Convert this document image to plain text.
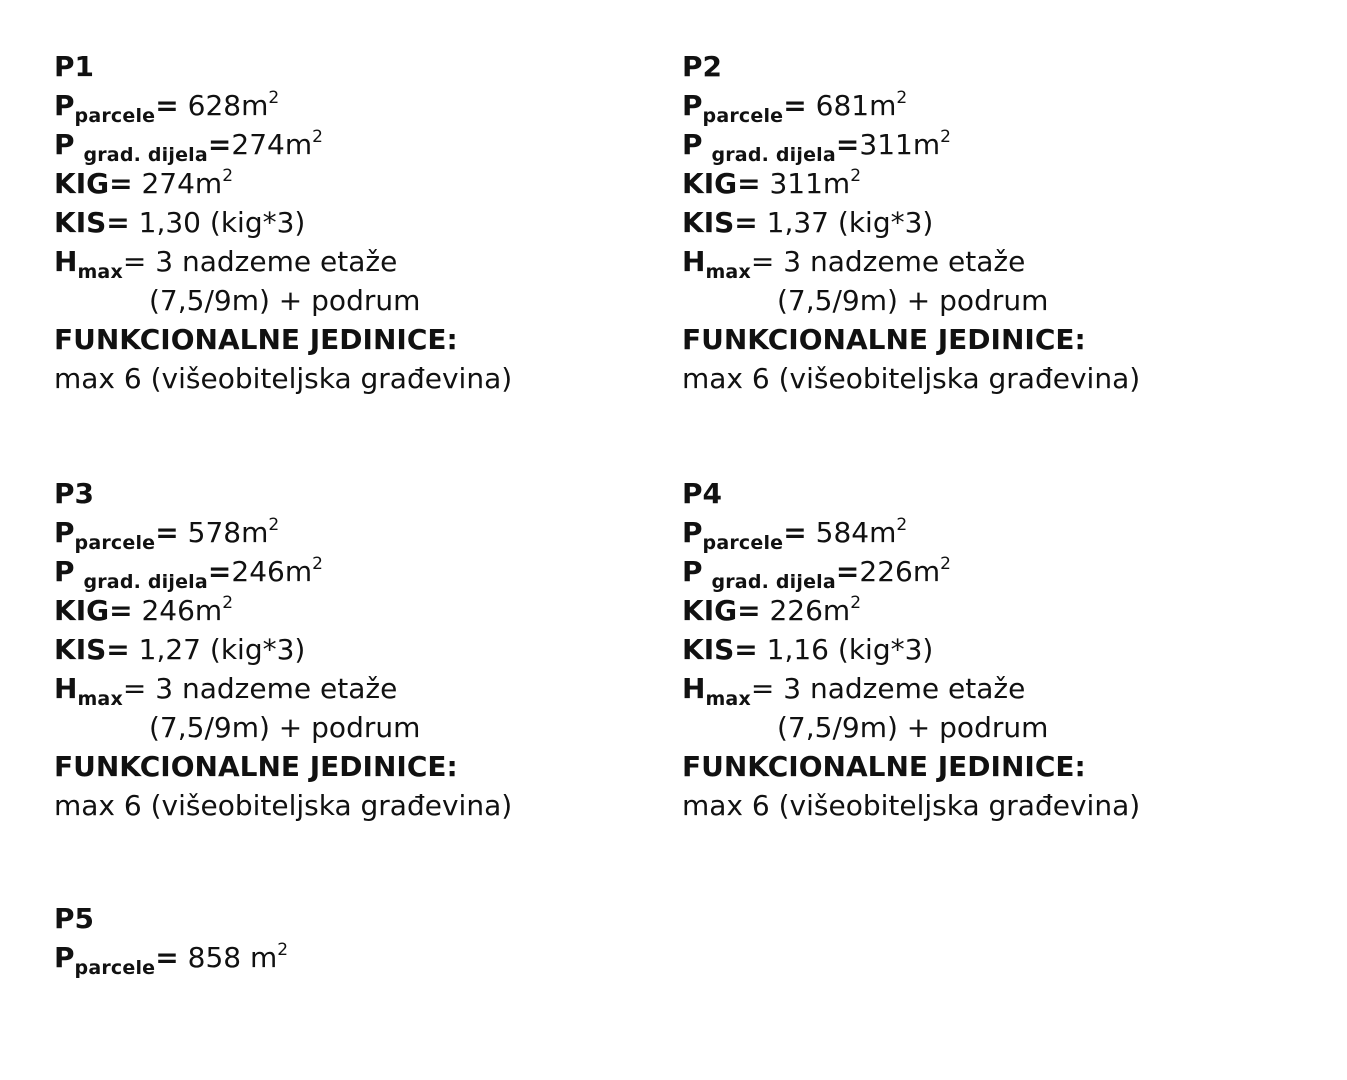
P1
$P_{parcele}= 628m^2$
P $_{grad. dijela}=274m^2$
$KIG= 274m^2$
KIS= 1,30 (kig*3)
$H_{max}= 3$ nadzeme etaže
(7,5/9m) + podrum
FUNKCIONALNE JEDINICE:
max 6 (višeobiteljska građevina)
P2
$P_{parcele}= 681m^2$
P $_{grad. dijela}=311m^2$
$KIG= 311m^2$
KIS= 1,37 (kig*3)
$H_{max}= 3$ nadzeme etaže
(7,5/9m) + podrum
FUNKCIONALNE JEDINICE:
max 6 (višeobiteljska građevina)
P3
$P_{parcele}= 578m^2$
P $_{grad. dijela}=246m^2$
$KIG= 246m^2$
KIS= 1,27 (kig*3)
$H_{max}= 3$ nadzeme etaže
(7,5/9m) + podrum
FUNKCIONALNE JEDINICE:
max 6 (višeobiteljska građevina)
P4
$P_{parcele}= 584m^2$
P $_{grad. dijela}=226m^2$
$KIG= 226m^2$
KIS= 1,16 (kig*3)
$H_{max}= 3$ nadzeme etaže
(7,5/9m) + podrum
FUNKCIONALNE JEDINICE:
max 6 (višeobiteljska građevina)
P5
$P_{parcele}= 858$ $m^2$
